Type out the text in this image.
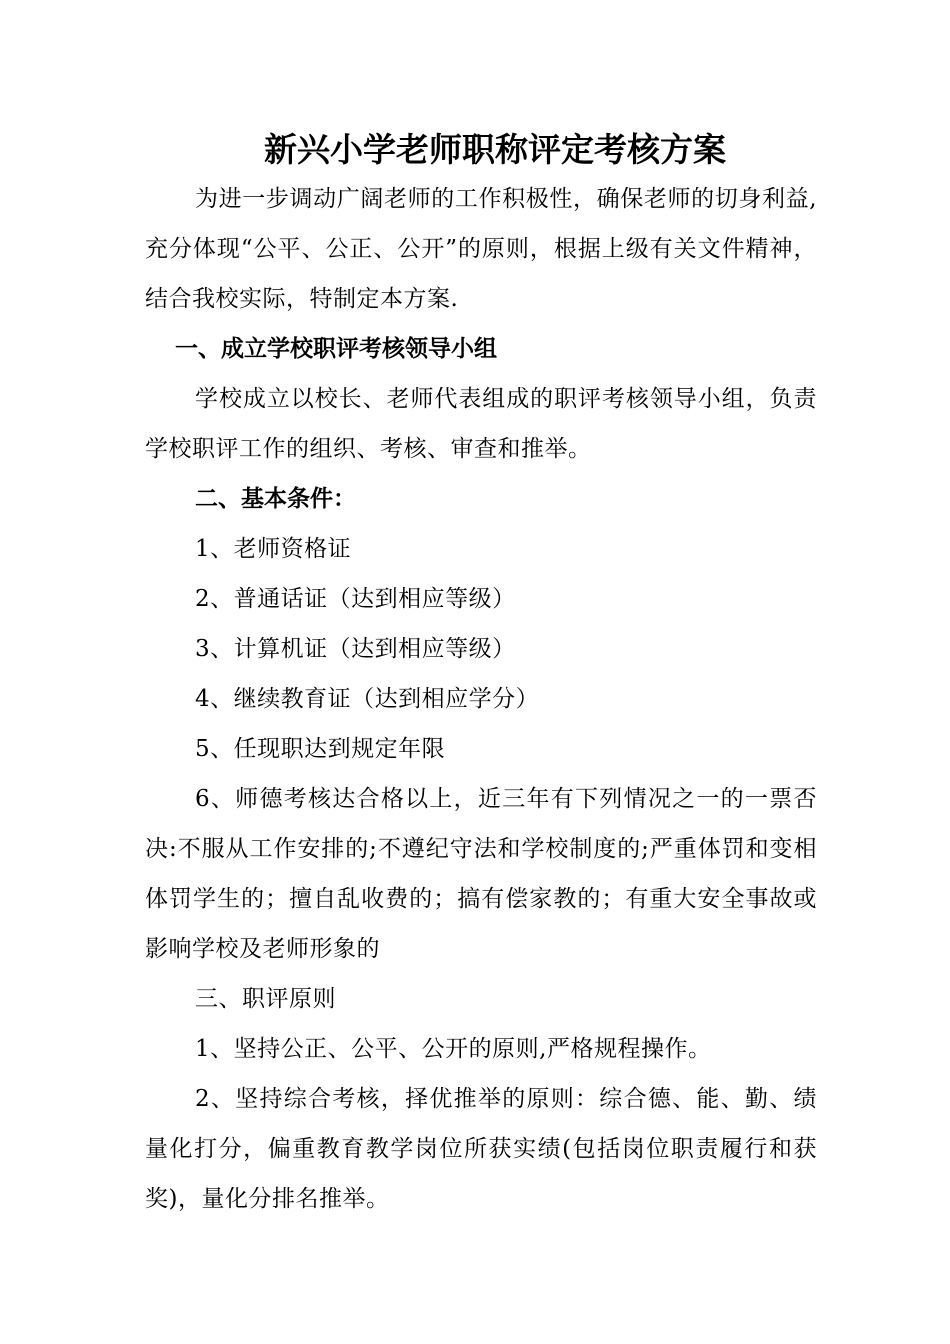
新兴小学老师职称评定考核方案
为进一步调动广阔老师的工作积极性，确保老师的切身利益,充分体现“公平、公正、公开”的原则，根据上级有关文件精神，结合我校实际，特制定本方案.
一、成立学校职评考核领导小组
学校成立以校长、老师代表组成的职评考核领导小组，负责学校职评工作的组织、考核、审查和推举。
二、基本条件：
1、老师资格证
2、普通话证（达到相应等级）
3、计算机证（达到相应等级）
4、继续教育证（达到相应学分）
5、任现职达到规定年限
6、师德考核达合格以上，近三年有下列情况之一的一票否决:不服从工作安排的;不遵纪守法和学校制度的;严重体罚和变相体罚学生的；擅自乱收费的；搞有偿家教的；有重大安全事故或影响学校及老师形象的
三、职评原则
1、坚持公正、公平、公开的原则,严格规程操作。
2、坚持综合考核，择优推举的原则：综合德、能、勤、绩量化打分，偏重教育教学岗位所获实绩(包括岗位职责履行和获奖)，量化分排名推举。
